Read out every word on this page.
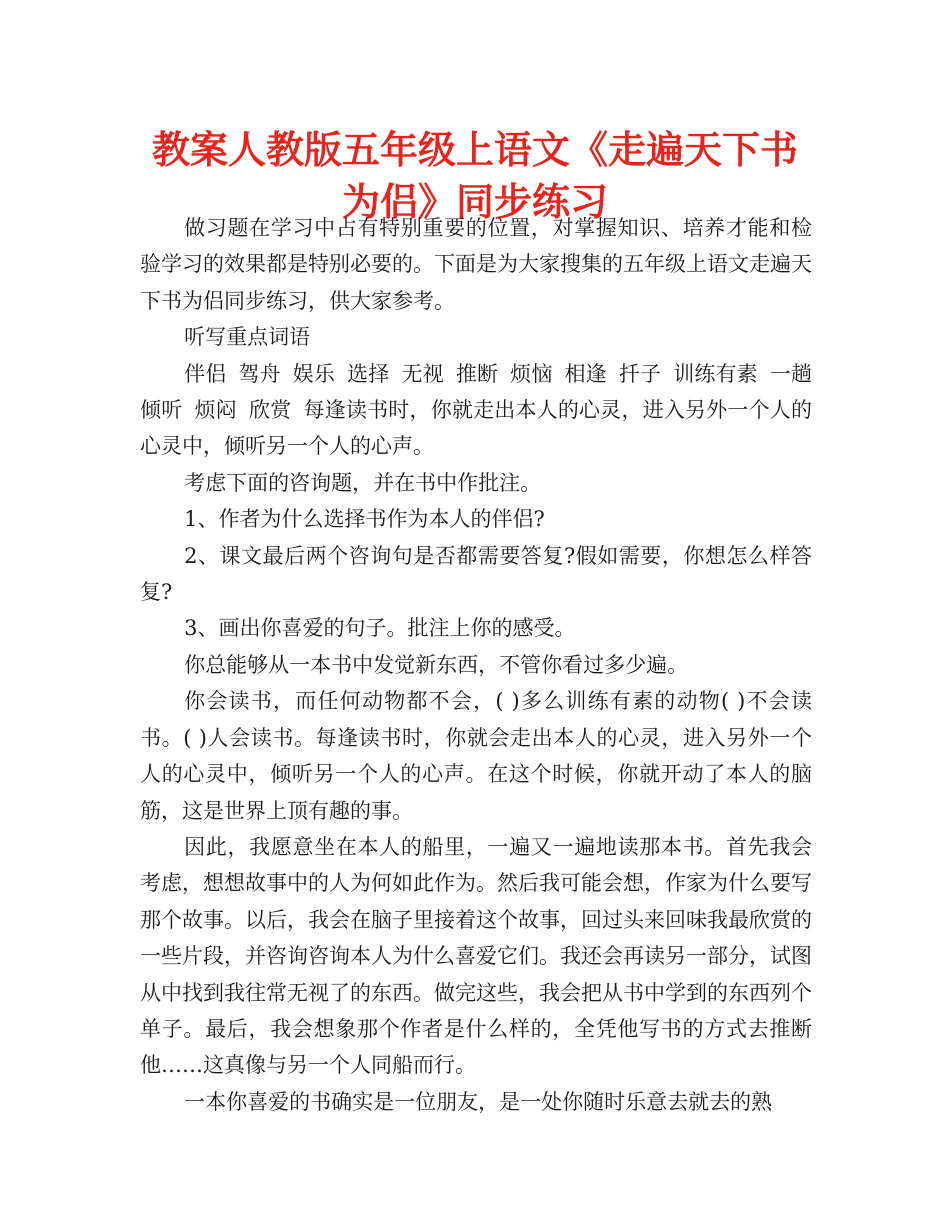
教案人教版五年级上语文《走遍天下书为侣》同步练习

做习题在学习中占有特别重要的位置，对掌握知识、培养才能和检验学习的效果都是特别必要的。下面是为大家搜集的五年级上语文走遍天下书为侣同步练习，供大家参考。

听写重点词语

伴侣 驾舟 娱乐 选择 无视 推断 烦恼 相逢 扦子 训练有素 一趟 倾听 烦闷 欣赏 每逢读书时，你就走出本人的心灵，进入另外一个人的心灵中，倾听另一个人的心声。

考虑下面的咨询题，并在书中作批注。

1、作者为什么选择书作为本人的伴侣?

2、课文最后两个咨询句是否都需要答复?假如需要，你想怎么样答复?

3、画出你喜爱的句子。批注上你的感受。

你总能够从一本书中发觉新东西，不管你看过多少遍。

你会读书，而任何动物都不会，( )多么训练有素的动物( )不会读书。( )人会读书。每逢读书时，你就会走出本人的心灵，进入另外一个人的心灵中，倾听另一个人的心声。在这个时候，你就开动了本人的脑筋，这是世界上顶有趣的事。

因此，我愿意坐在本人的船里，一遍又一遍地读那本书。首先我会考虑，想想故事中的人为何如此作为。然后我可能会想，作家为什么要写那个故事。以后，我会在脑子里接着这个故事，回过头来回味我最欣赏的一些片段，并咨询咨询本人为什么喜爱它们。我还会再读另一部分，试图从中找到我往常无视了的东西。做完这些，我会把从书中学到的东西列个单子。最后，我会想象那个作者是什么样的，全凭他写书的方式去推断他……这真像与另一个人同船而行。

一本你喜爱的书确实是一位朋友，是一处你随时乐意去就去的熟
